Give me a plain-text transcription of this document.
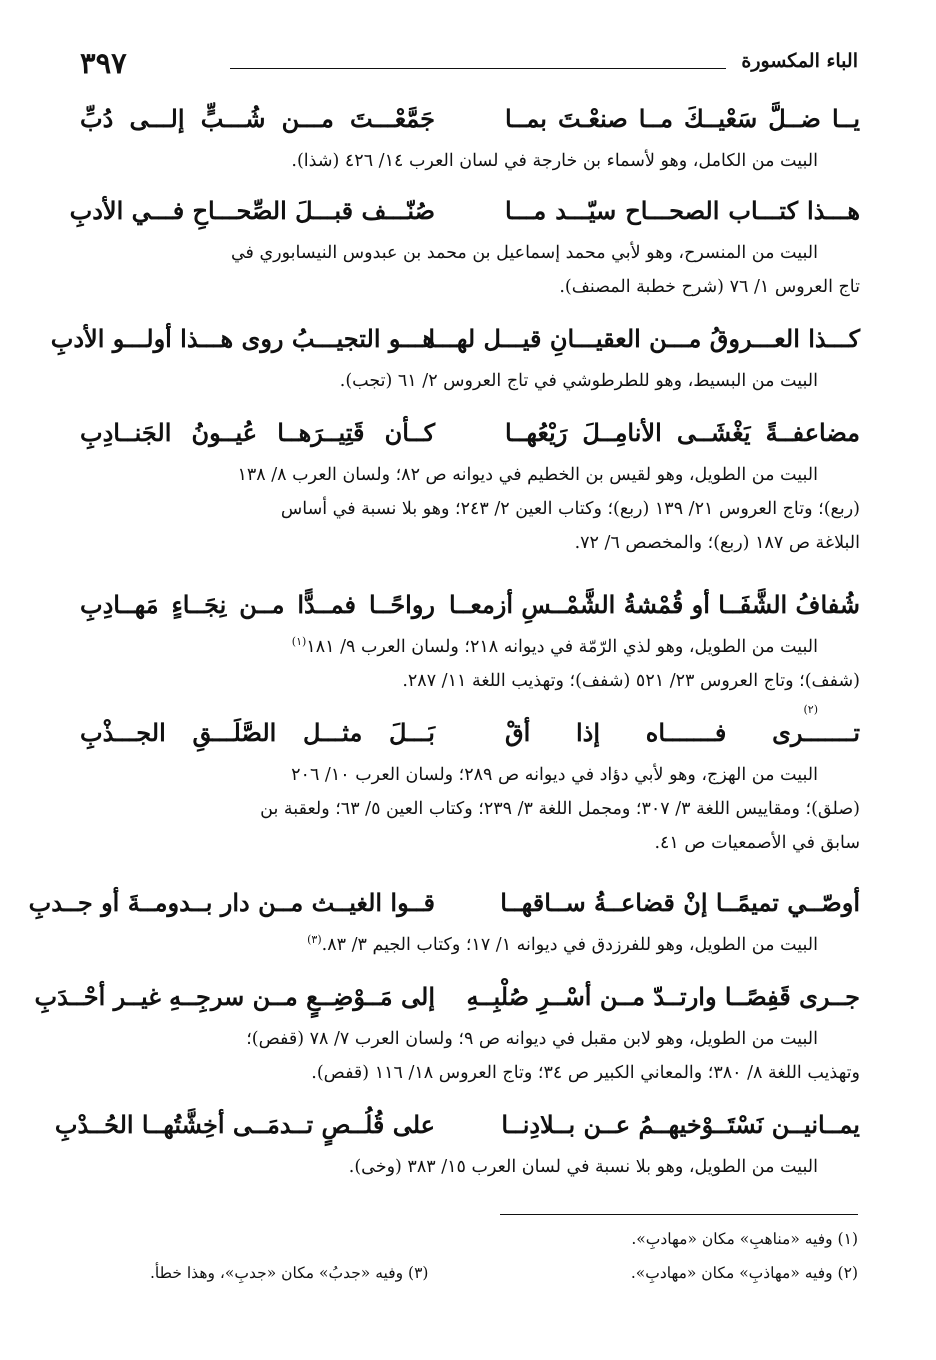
٣٩٧	الباء المكسورة
يــا ضــلَّ سَعْيــكَ مــا صنعْـتَ بمــا
جَمَّعْـــتَ مـــن شُـــبٍّ إلـــى دُبِّ
البيت من الكامل، وهو لأسماء بن خارجة في لسان العرب ١٤/ ٤٢٦ (شذا).
هـــذا كتـــاب الصحـــاح سيّـــد مـــا
صُنّـــف قبـــلَ الصِّحـــاحِ فـــي الأدبِ
البيت من المنسرح، وهو لأبي محمد إسماعيل بن محمد بن عبدوس النيسابوري في
تاج العروس ١/ ٧٦ (شرح خطبة المصنف).
كـــذا العـــروقُ مـــن العقيـــانِ قيـــل لهـــا
هـــو التجيـــبُ روى هـــذا أولـــو الأدبِ
البيت من البسيط، وهو للطرطوشي في تاج العروس ٢/ ٦١ (تجب).
مضاعفــةً يَغْشَــى الأنامِــلَ رَيْعُهــا
كــأن قَتِيــرَهــا عُيــونُ الجَنــادِبِ
البيت من الطويل، وهو لقيس بن الخطيم في ديوانه ص ٨٢؛ ولسان العرب ٨/ ١٣٨
(ربع)؛ وتاج العروس ٢١/ ١٣٩ (ربع)؛ وكتاب العين ٢/ ٢٤٣؛ وهو بلا نسبة في أساس
البلاغة ص ١٨٧ (ربع)؛ والمخصص ٦/ ٧٢.
شُفافُ الشَّفَــا أو قُمْشةُ الشَّمْــسِ أزمعــا
رواحًــا فمــدًّا مــن نِجَــاءٍ مَهــادِبِ
البيت من الطويل، وهو لذي الرّمّة في ديوانه ٢١٨؛ ولسان العرب ٩/ ١٨١$^{(١)}$
(شفف)؛ وتاج العروس ٢٣/ ٥٢١ (شفف)؛ وتهذيب اللغة ١١/ ٢٨٧.
$^{(٢)}$
تـــــــرى فـــــــاه إذا أقْ
بَـــلَ مثـــل الصَّلَـــقِ الجـــذْبِ
البيت من الهزج، وهو لأبي دؤاد في ديوانه ص ٢٨٩؛ ولسان العرب ١٠/ ٢٠٦
(صلق)؛ ومقاييس اللغة ٣/ ٣٠٧؛ ومجمل اللغة ٣/ ٢٣٩؛ وكتاب العين ٥/ ٦٣؛ ولعقبة بن
سابق في الأصمعيات ص ٤١.
أوصّــي تميمًــا إنْ قضاعــةُ ســاقهــا
قــوا الغيــث مــن دار بــدومــةَ أو جــدبِ
البيت من الطويل، وهو للفرزدق في ديوانه ١/ ١٧؛ وكتاب الجيم ٣/ ٨٣.$^{(٣)}$
جــرى قَفِصًــا وارتــدّ مــن أسْــرِ صُلْبِــهِ
إلى مَــوْضِــعٍ مــن سرجِــهِ غيــر أحْــدَبِ
البيت من الطويل، وهو لابن مقبل في ديوانه ص ٩؛ ولسان العرب ٧/ ٧٨ (قفص)؛
وتهذيب اللغة ٨/ ٣٨٠؛ والمعاني الكبير ص ٣٤؛ وتاج العروس ١٨/ ١١٦ (قفص).
يمــانيــن نَسْتَــوْخيهــمُ عــن بــلادِنــا
على قُلُــصٍ تــدمَــى أخِشَّتُهــا الحُــدْبِ
البيت من الطويل، وهو بلا نسبة في لسان العرب ١٥/ ٣٨٣ (وخى).
(١) وفيه «مناهبِ» مكان «مهادبِ».
(٢) وفيه «مهاذبِ» مكان «مهادبِ».
(٣) وفيه «جدبُ» مكان «جدبِ»، وهذا خطأ.
